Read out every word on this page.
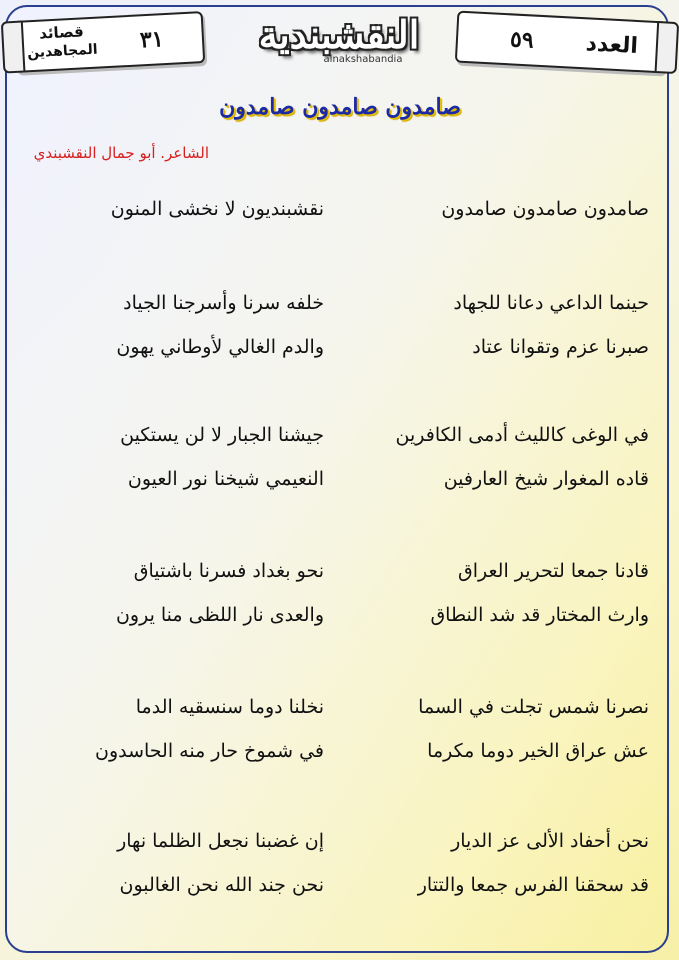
العدد
٥٩
قصائد
المجاهدين ٣١	النقشبندية
alnakshabandia
صامدون صامدون صامدون
الشاعر. أبو جمال النقشبندي
صامدون صامدون صامدون
نقشبنديون لا نخشى المنون
حينما الداعي دعانا للجهاد
خلفه سرنا وأسرجنا الجياد
صبرنا عزم وتقوانا عتاد
والدم الغالي لأوطاني يهون
في الوغى كالليث أدمى الكافرين
جيشنا الجبار لا لن يستكين
قاده المغوار شيخ العارفين
النعيمي شيخنا نور العيون
قادنا جمعا لتحرير العراق
نحو بغداد فسرنا باشتياق
وارث المختار قد شد النطاق
والعدى نار اللظى منا يرون
نصرنا شمس تجلت في السما
نخلنا دوما سنسقيه الدما
عش عراق الخير دوما مكرما
في شموخ حار منه الحاسدون
نحن أحفاد الألى عز الديار
إن غضبنا نجعل الظلما نهار
قد سحقنا الفرس جمعا والتتار
نحن جند الله نحن الغالبون
